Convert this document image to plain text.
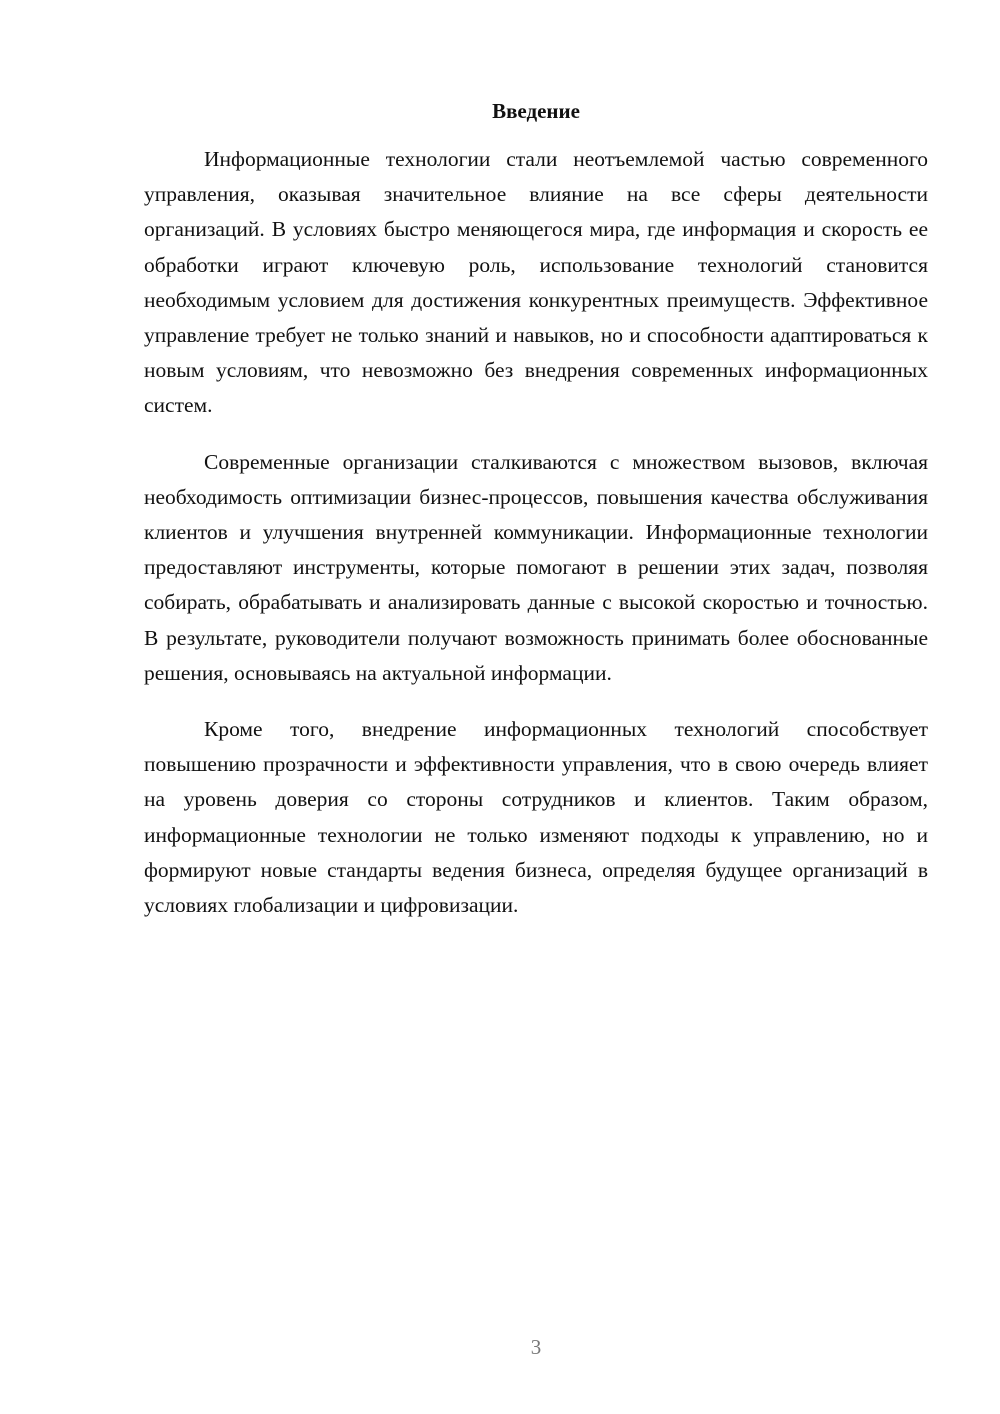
Введение

Информационные технологии стали неотъемлемой частью современного управления, оказывая значительное влияние на все сферы деятельности организаций. В условиях быстро меняющегося мира, где информация и скорость ее обработки играют ключевую роль, использование технологий становится необходимым условием для достижения конкурентных преимуществ. Эффективное управление требует не только знаний и навыков, но и способности адаптироваться к новым условиям, что невозможно без внедрения современных информационных систем.

Современные организации сталкиваются с множеством вызовов, включая необходимость оптимизации бизнес-процессов, повышения качества обслуживания клиентов и улучшения внутренней коммуникации. Информационные технологии предоставляют инструменты, которые помогают в решении этих задач, позволяя собирать, обрабатывать и анализировать данные с высокой скоростью и точностью. В результате, руководители получают возможность принимать более обоснованные решения, основываясь на актуальной информации.

Кроме того, внедрение информационных технологий способствует повышению прозрачности и эффективности управления, что в свою очередь влияет на уровень доверия со стороны сотрудников и клиентов. Таким образом, информационные технологии не только изменяют подходы к управлению, но и формируют новые стандарты ведения бизнеса, определяя будущее организаций в условиях глобализации и цифровизации.

3
